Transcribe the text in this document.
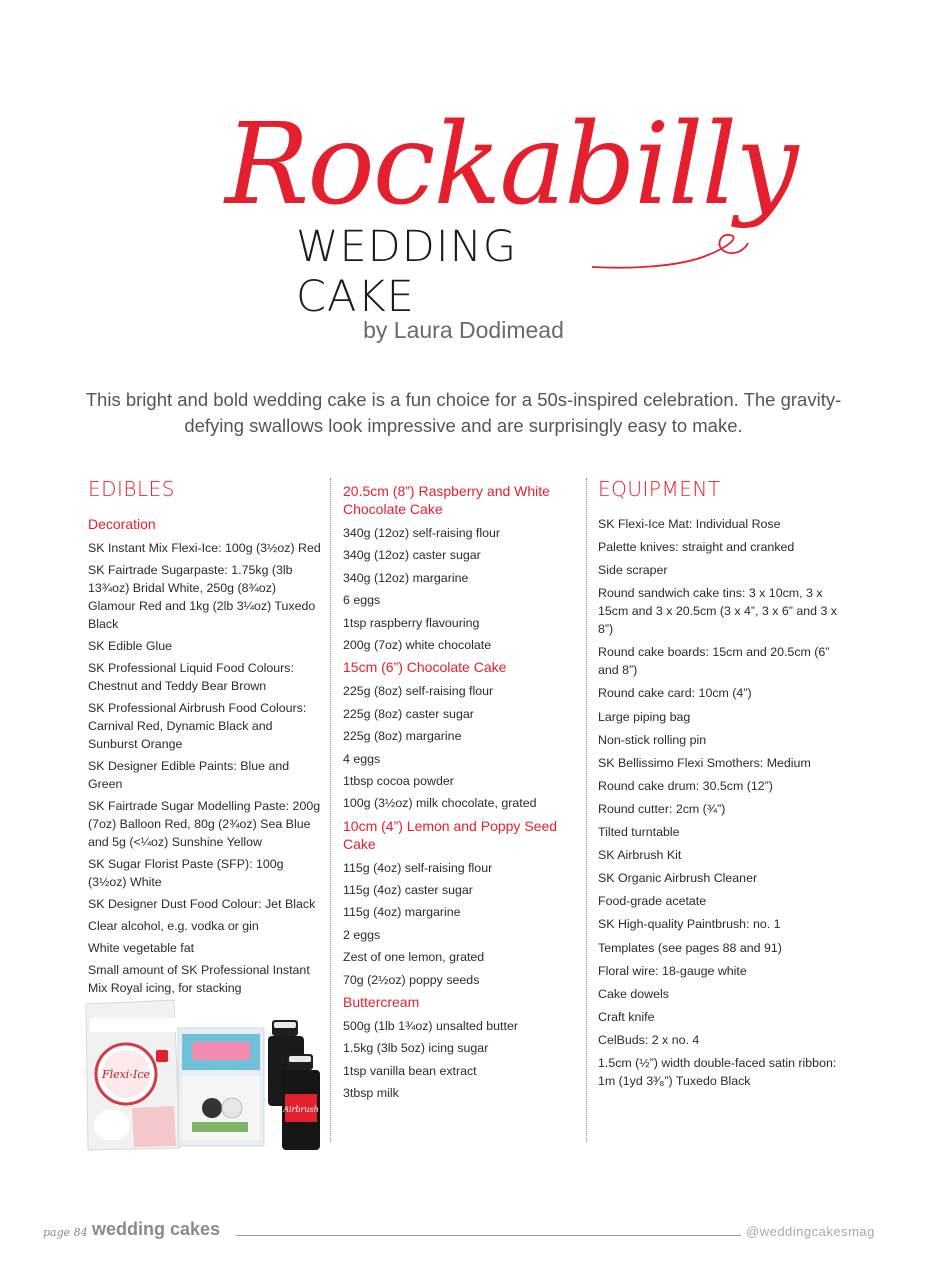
Rockabilly
WEDDING CAKE
by Laura Dodimead
This bright and bold wedding cake is a fun choice for a 50s-inspired celebration. The gravity-defying swallows look impressive and are surprisingly easy to make.
EDIBLES
Decoration
SK Instant Mix Flexi-Ice: 100g (3½oz) Red
SK Fairtrade Sugarpaste: 1.75kg (3lb 13¾oz) Bridal White, 250g (8¾oz) Glamour Red and 1kg (2lb 3¼oz) Tuxedo Black
SK Edible Glue
SK Professional Liquid Food Colours: Chestnut and Teddy Bear Brown
SK Professional Airbrush Food Colours: Carnival Red, Dynamic Black and Sunburst Orange
SK Designer Edible Paints: Blue and Green
SK Fairtrade Sugar Modelling Paste: 200g (7oz) Balloon Red, 80g (2¾oz) Sea Blue and 5g (<¼oz) Sunshine Yellow
SK Sugar Florist Paste (SFP): 100g (3½oz) White
SK Designer Dust Food Colour: Jet Black
Clear alcohol, e.g. vodka or gin
White vegetable fat
Small amount of SK Professional Instant Mix Royal icing, for stacking
20.5cm (8”) Raspberry and White Chocolate Cake
340g (12oz) self-raising flour
340g (12oz) caster sugar
340g (12oz) margarine
6 eggs
1tsp raspberry flavouring
200g (7oz) white chocolate
15cm (6”) Chocolate Cake
225g (8oz) self-raising flour
225g (8oz) caster sugar
225g (8oz) margarine
4 eggs
1tbsp cocoa powder
100g (3½oz) milk chocolate, grated
10cm (4”) Lemon and Poppy Seed Cake
115g (4oz) self-raising flour
115g (4oz) caster sugar
115g (4oz) margarine
2 eggs
Zest of one lemon, grated
70g (2½oz) poppy seeds
Buttercream
500g (1lb 1¾oz) unsalted butter
1.5kg (3lb 5oz) icing sugar
1tsp vanilla bean extract
3tbsp milk
EQUIPMENT
SK Flexi-Ice Mat: Individual Rose
Palette knives: straight and cranked
Side scraper
Round sandwich cake tins: 3 x 10cm, 3 x 15cm and 3 x 20.5cm (3 x 4”, 3 x 6” and 3 x 8”)
Round cake boards: 15cm and 20.5cm (6” and 8”)
Round cake card: 10cm (4”)
Large piping bag
Non-stick rolling pin
SK Bellissimo Flexi Smothers: Medium
Round cake drum: 30.5cm (12”)
Round cutter: 2cm (¾”)
Tilted turntable
SK Airbrush Kit
SK Organic Airbrush Cleaner
Food-grade acetate
SK High-quality Paintbrush: no. 1
Templates (see pages 88 and 91)
Floral wire: 18-gauge white
Cake dowels
Craft knife
CelBuds: 2 x no. 4
1.5cm (½”) width double-faced satin ribbon: 1m (1yd 3³⁄₈”) Tuxedo Black
Flexi-Ice
Airbrush
page 84 wedding cakes	@weddingcakesmag
